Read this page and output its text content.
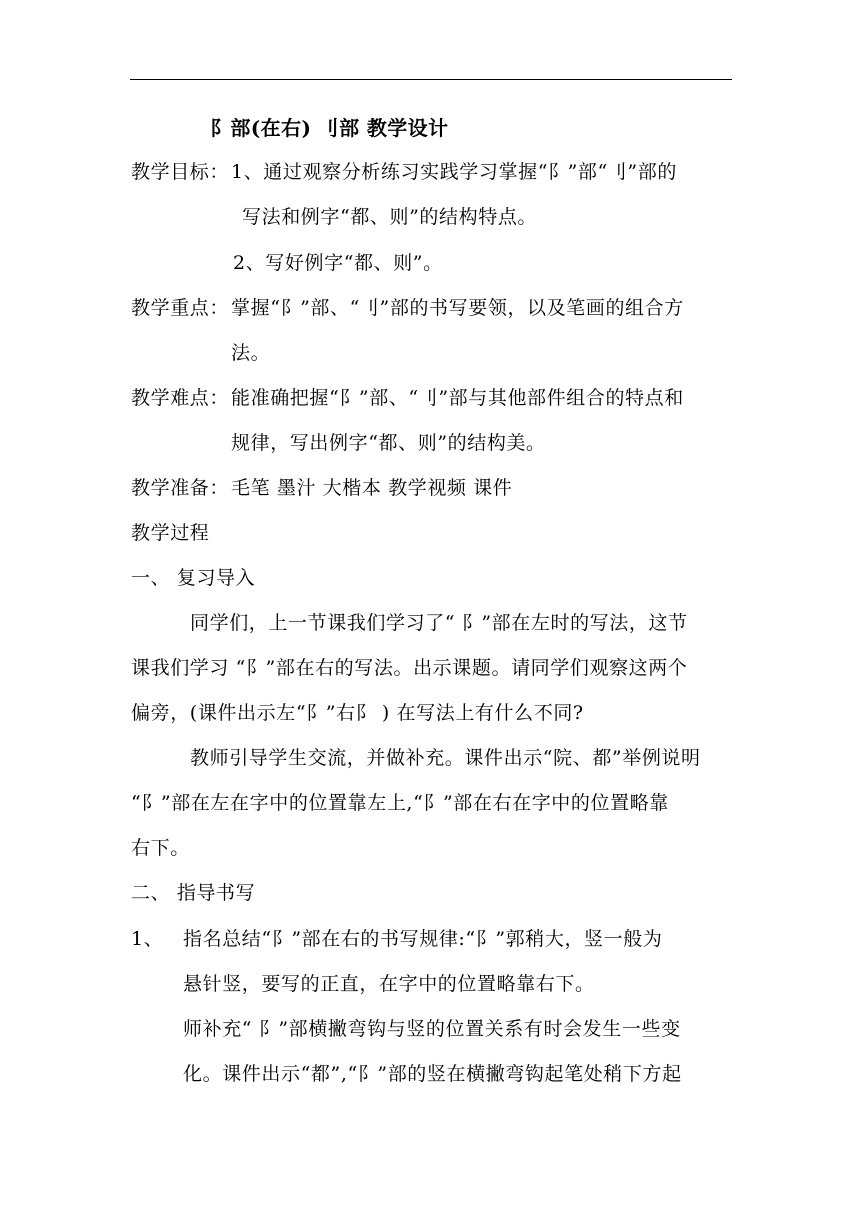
阝部(在右) 刂部 教学设计
教学目标： 1、通过观察分析练习实践学习掌握“阝”部“刂”部的
写法和例字“都、则”的结构特点。
2、写好例字“都、则”。
教学重点： 掌握“阝”部、“刂”部的书写要领，以及笔画的组合方
法。
教学难点： 能准确把握“阝”部、“刂”部与其他部件组合的特点和
规律，写出例字“都、则”的结构美。
教学准备： 毛笔 墨汁 大楷本 教学视频 课件
教学过程
一、 复习导入
同学们，上一节课我们学习了“ 阝”部在左时的写法，这节
课我们学习 “阝”部在右的写法。出示课题。请同学们观察这两个
偏旁，(课件出示左“阝”右阝 ) 在写法上有什么不同?
教师引导学生交流，并做补充。课件出示“院、都”举例说明
“阝”部在左在字中的位置靠左上,“阝”部在右在字中的位置略靠
右下。
二、 指导书写
1、 指名总结“阝”部在右的书写规律:“阝”郭稍大，竖一般为
悬针竖，要写的正直，在字中的位置略靠右下。
师补充“ 阝”部横撇弯钩与竖的位置关系有时会发生一些变
化。课件出示“都”,“阝”部的竖在横撇弯钩起笔处稍下方起
